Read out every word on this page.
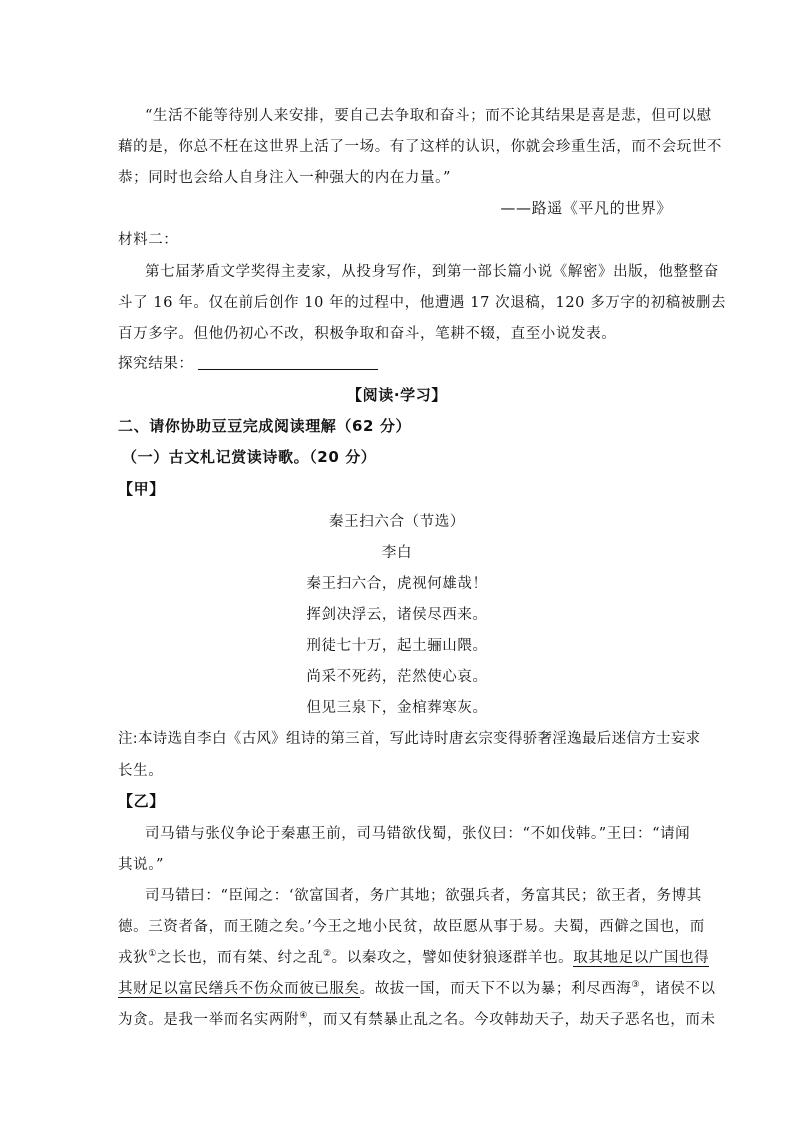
“生活不能等待别人来安排，要自己去争取和奋斗；而不论其结果是喜是悲，但可以慰
藉的是，你总不枉在这世界上活了一场。有了这样的认识，你就会珍重生活，而不会玩世不
恭；同时也会给人自身注入一种强大的内在力量。”
——路遥《平凡的世界》
材料二：
第七届茅盾文学奖得主麦家，从投身写作，到第一部长篇小说《解密》出版，他整整奋
斗了 16 年。仅在前后创作 10 年的过程中，他遭遇 17 次退稿，120 多万字的初稿被删去
百万多字。但他仍初心不改，积极争取和奋斗，笔耕不辍，直至小说发表。
探究结果：
【阅读·学习】
二、请你协助豆豆完成阅读理解（62 分）
（一）古文札记赏读诗歌。（20 分）
【甲】
秦王扫六合（节选）
李白
秦王扫六合，虎视何雄哉！
挥剑决浮云，诸侯尽西来。
刑徒七十万，起土骊山隈。
尚采不死药，茫然使心哀。
但见三泉下，金棺葬寒灰。
注:本诗选自李白《古风》组诗的第三首，写此诗时唐玄宗变得骄奢淫逸最后迷信方士妄求
长生。
【乙】
司马错与张仪争论于秦惠王前，司马错欲伐蜀，张仪曰：“不如伐韩。”王曰：“请闻
其说。”
司马错曰：“臣闻之：‘欲富国者，务广其地；欲强兵者，务富其民；欲王者，务博其
德。三资者备，而王随之矣。’今王之地小民贫，故臣愿从事于易。夫蜀，西僻之国也，而
戎狄①之长也，而有桀、纣之乱②。以秦攻之，譬如使豺狼逐群羊也。取其地足以广国也得
其财足以富民缮兵不伤众而彼已服矣。故拔一国，而天下不以为暴；利尽西海③，诸侯不以
为贪。是我一举而名实两附④，而又有禁暴止乱之名。今攻韩劫天子，劫天子恶名也，而未
